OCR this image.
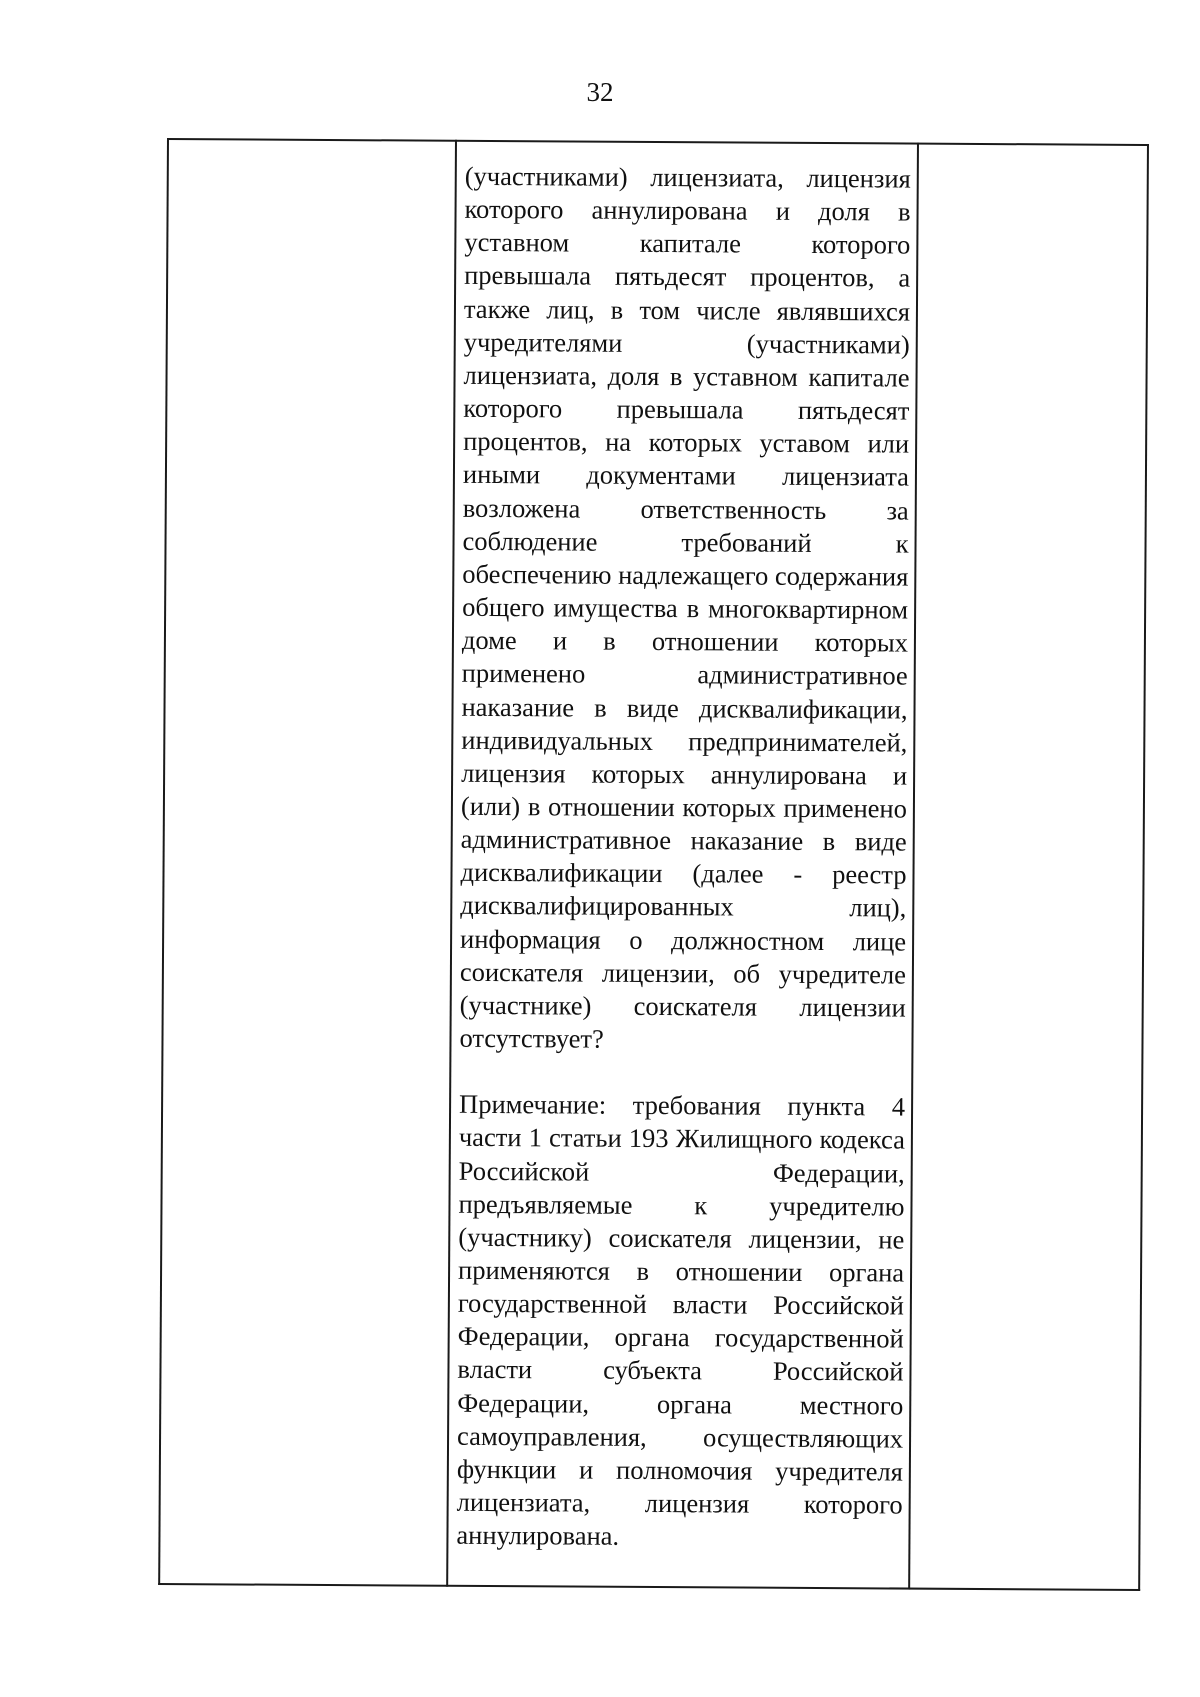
32

(участниками) лицензиата, лицензия которого аннулирована и доля в уставном капитале которого превышала пятьдесят процентов, а также лиц, в том числе являвшихся учредителями (участниками) лицензиата, доля в уставном капитале которого превышала пятьдесят процентов, на которых уставом или иными документами лицензиата возложена ответственность за соблюдение требований к обеспечению надлежащего содержания общего имущества в многоквартирном доме и в отношении которых применено административное наказание в виде дисквалификации, индивидуальных предпринимателей, лицензия которых аннулирована и (или) в отношении которых применено административное наказание в виде дисквалификации (далее - реестр дисквалифицированных лиц), информация о должностном лице соискателя лицензии, об учредителе (участнике) соискателя лицензии отсутствует?

Примечание: требования пункта 4 части 1 статьи 193 Жилищного кодекса Российской Федерации, предъявляемые к учредителю (участнику) соискателя лицензии, не применяются в отношении органа государственной власти Российской Федерации, органа государственной власти субъекта Российской Федерации, органа местного самоуправления, осуществляющих функции и полномочия учредителя лицензиата, лицензия которого аннулирована.
